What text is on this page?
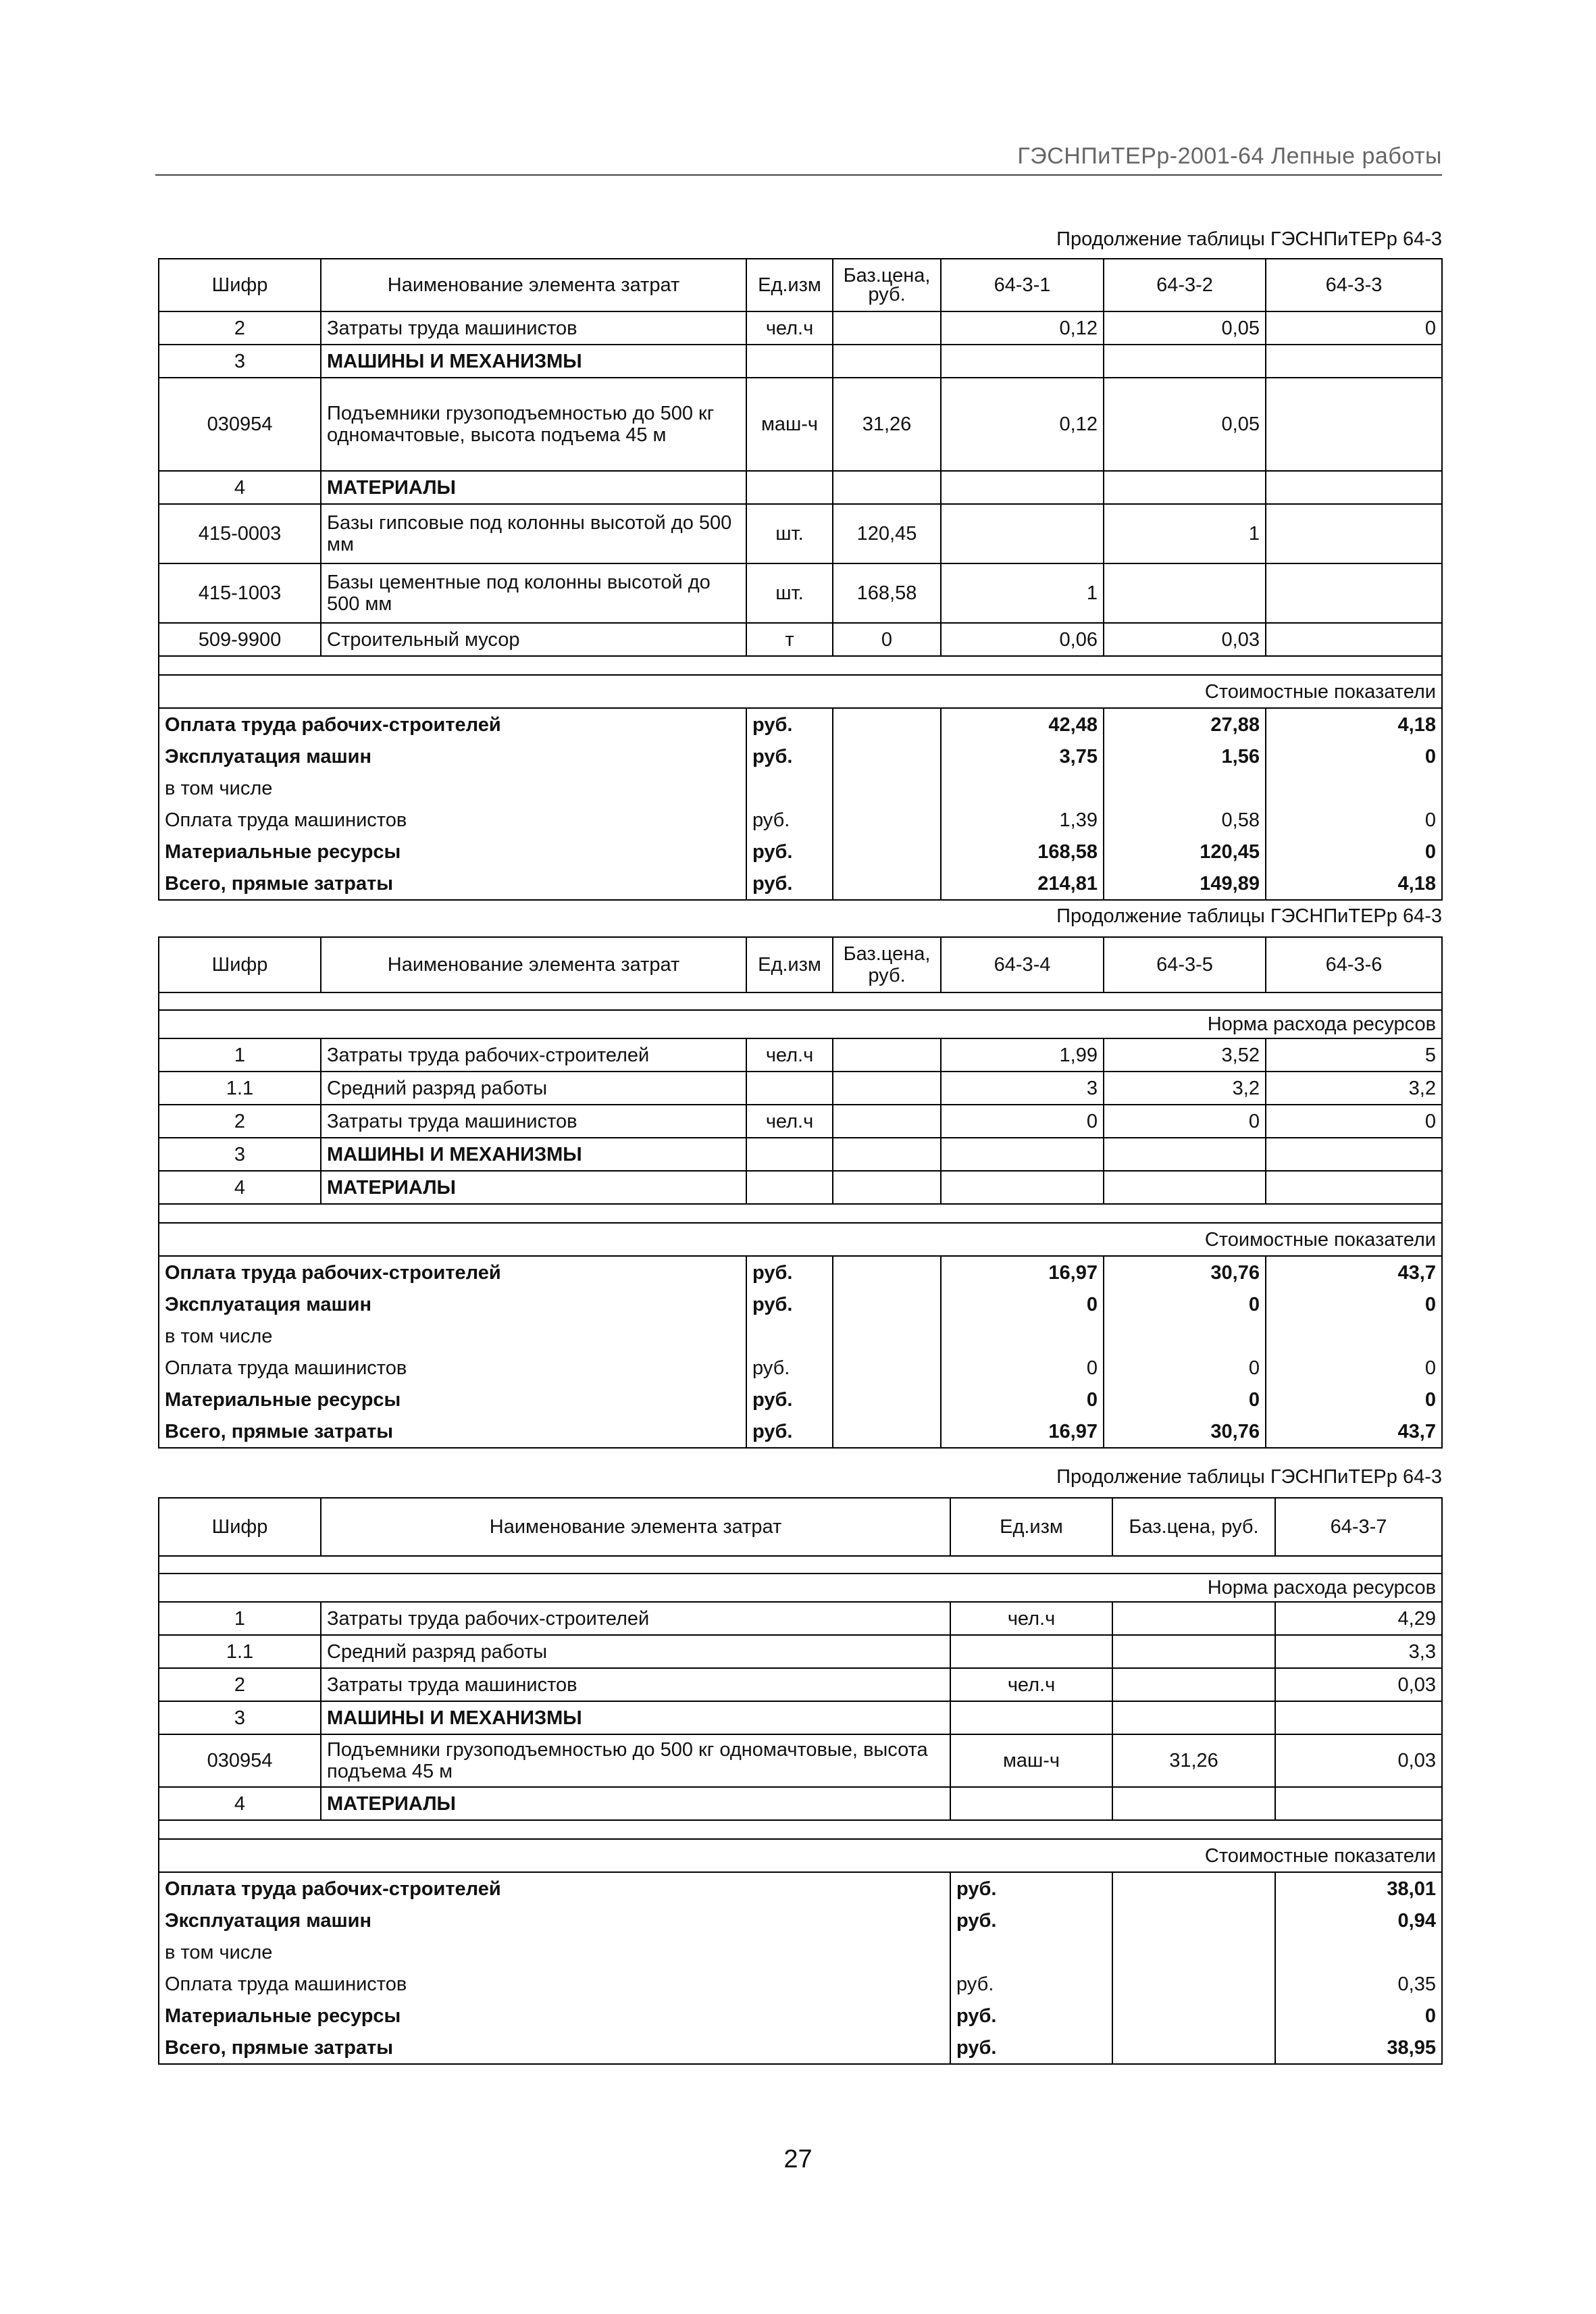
ГЭСНПиТЕРр-2001-64 Лепные работы
Продолжение таблицы ГЭСНПиТЕРр 64-3
Шифр	Наименование элемента затрат	Ед.изм	Баз.цена, руб.	64-3-1	64-3-2	64-3-3
2	Затраты труда машинистов	чел.ч		0,12	0,05	0
3	МАШИНЫ И МЕХАНИЗМЫ					
030954	Подъемники грузоподъемностью до 500 кг одномачтовые, высота подъема 45 м	маш-ч	31,26	0,12	0,05	
4	МАТЕРИАЛЫ					
415-0003	Базы гипсовые под колонны высотой до 500 мм	шт.	120,45		1	
415-1003	Базы цементные под колонны высотой до 500 мм	шт.	168,58	1		
509-9900	Строительный мусор	т	0	0,06	0,03	

Стоимостные показатели						
Оплата труда рабочих-строителей		руб.		42,48	27,88	4,18
Эксплуатация машин		руб.		3,75	1,56	0
в том числе						
Оплата труда машинистов		руб.		1,39	0,58	0
Материальные ресурсы		руб.		168,58	120,45	0
Всего, прямые затраты		руб.		214,81	149,89	4,18
Продолжение таблицы ГЭСНПиТЕРр 64-3
Шифр	Наименование элемента затрат	Ед.изм	Баз.цена, руб.	64-3-4	64-3-5	64-3-6

Норма расхода ресурсов						
1	Затраты труда рабочих-строителей	чел.ч		1,99	3,52	5
1.1	Средний разряд работы			3	3,2	3,2
2	Затраты труда машинистов	чел.ч		0	0	0
3	МАШИНЫ И МЕХАНИЗМЫ					
4	МАТЕРИАЛЫ					

Стоимостные показатели						
Оплата труда рабочих-строителей		руб.		16,97	30,76	43,7
Эксплуатация машин		руб.		0	0	0
в том числе						
Оплата труда машинистов		руб.		0	0	0
Материальные ресурсы		руб.		0	0	0
Всего, прямые затраты		руб.		16,97	30,76	43,7
Продолжение таблицы ГЭСНПиТЕРр 64-3
Шифр	Наименование элемента затрат	Ед.изм	Баз.цена, руб.	64-3-7

Норма расхода ресурсов				
1	Затраты труда рабочих-строителей	чел.ч		4,29
1.1	Средний разряд работы			3,3
2	Затраты труда машинистов	чел.ч		0,03
3	МАШИНЫ И МЕХАНИЗМЫ			
030954	Подъемники грузоподъемностью до 500 кг одномачтовые, высота подъема 45 м	маш-ч	31,26	0,03
4	МАТЕРИАЛЫ			

Стоимостные показатели				
Оплата труда рабочих-строителей		руб.		38,01
Эксплуатация машин		руб.		0,94
в том числе				
Оплата труда машинистов		руб.		0,35
Материальные ресурсы		руб.		0
Всего, прямые затраты		руб.		38,95
27
